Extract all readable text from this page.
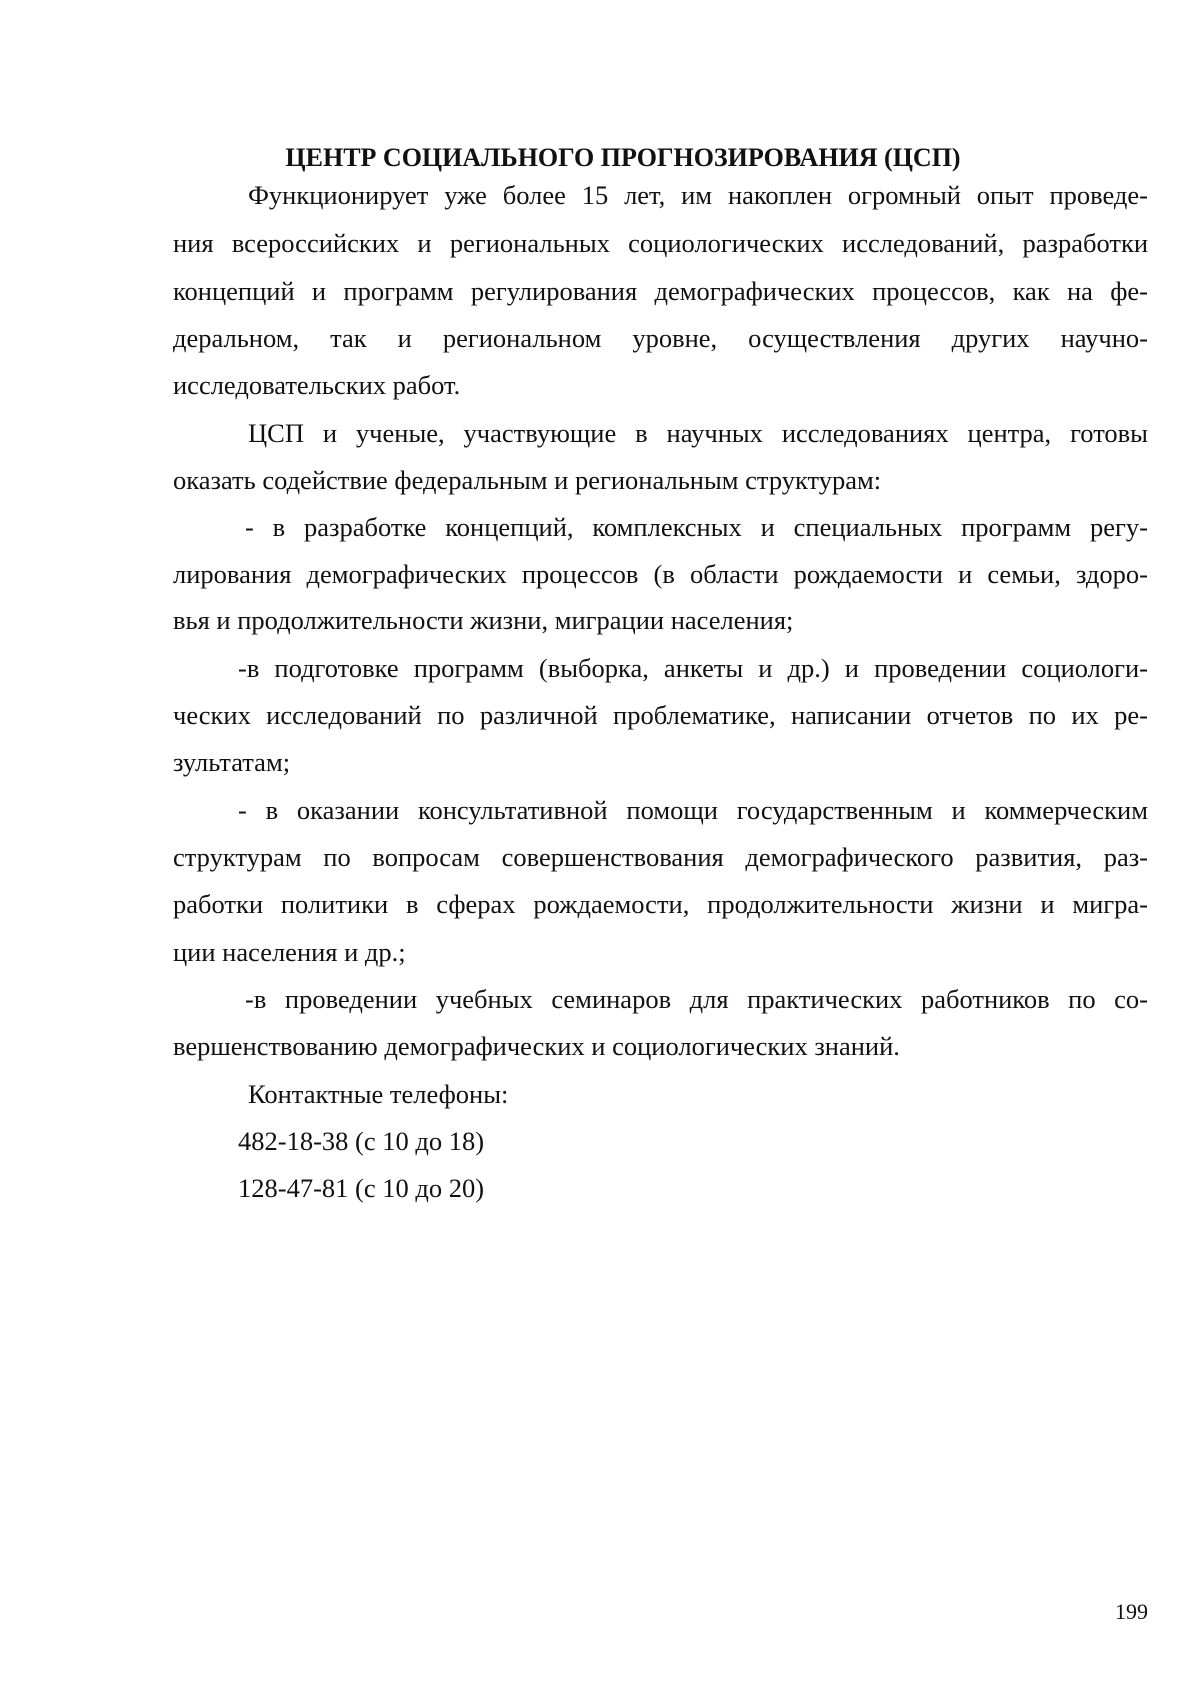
ЦЕНТР СОЦИАЛЬНОГО ПРОГНОЗИРОВАНИЯ (ЦСП)
Функционирует уже более 15 лет, им накоплен огромный опыт проведе-
ния всероссийских и региональных социологических исследований, разработки
концепций и программ регулирования демографических процессов, как на фе-
деральном, так и региональном уровне, осуществления других научно-
исследовательских работ.
ЦСП и ученые, участвующие в научных исследованиях центра, готовы
оказать содействие федеральным и региональным структурам:
- в разработке концепций, комплексных и специальных программ регу-
лирования демографических процессов (в области рождаемости и семьи, здоро-
вья и продолжительности жизни, миграции населения;
-в подготовке программ (выборка, анкеты и др.) и проведении социологи-
ческих исследований по различной проблематике, написании отчетов по их ре-
зультатам;
- в оказании консультативной помощи государственным и коммерческим
структурам по вопросам совершенствования демографического развития, раз-
работки политики в сферах рождаемости, продолжительности жизни и мигра-
ции населения и др.;
-в проведении учебных семинаров для практических работников по со-
вершенствованию демографических и социологических знаний.
Контактные телефоны:
482-18-38 (с 10 до 18)
128-47-81 (с 10 до 20)
199
